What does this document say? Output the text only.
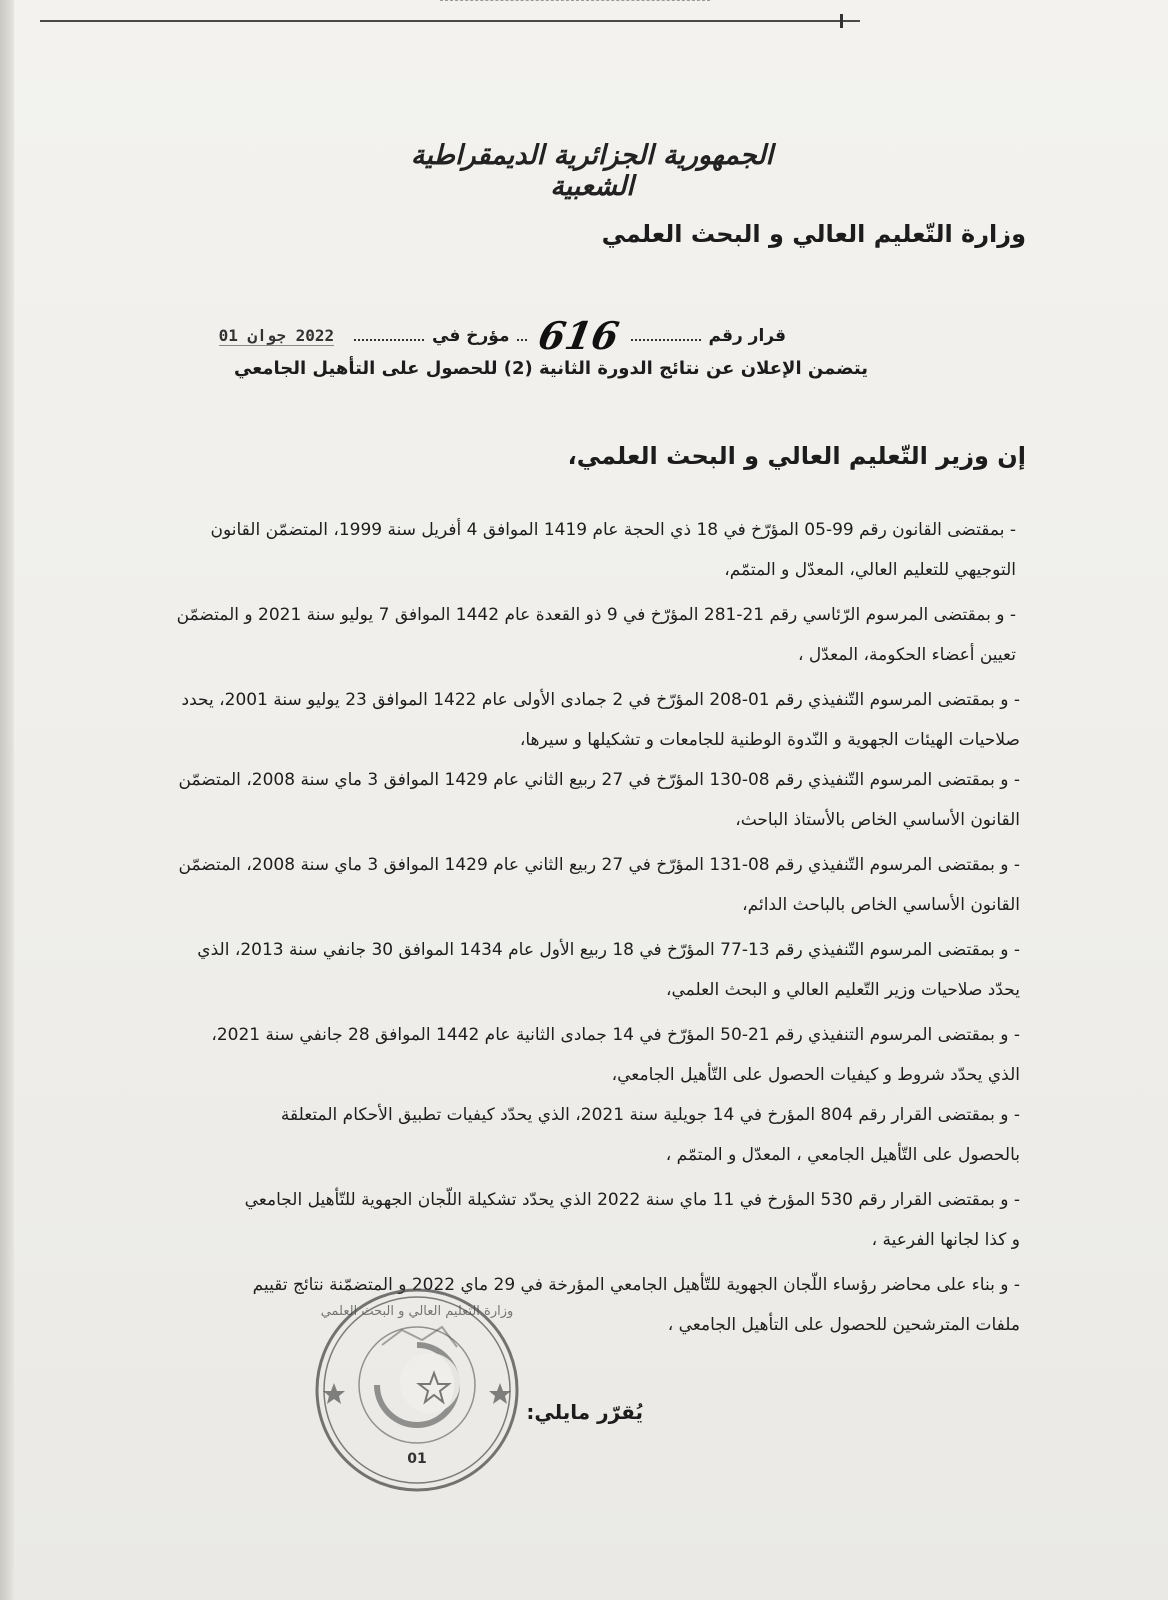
الجمهورية الجزائرية الديمقراطية الشعبية
وزارة التّعليم العالي و البحث العلمي
قرار رقم  616  مؤرخ في  2022 جوان 01
يتضمن الإعلان عن نتائج الدورة الثانية (2) للحصول على التأهيل الجامعي
إن وزير التّعليم العالي و البحث العلمي،
- بمقتضى القانون رقم 99-05 المؤرّخ في 18 ذي الحجة عام 1419 الموافق 4 أفريل سنة 1999، المتضمّن القانون
التوجيهي للتعليم العالي، المعدّل و المتمّم،
- و بمقتضى المرسوم الرّئاسي رقم 21-281 المؤرّخ في 9 ذو القعدة عام 1442 الموافق 7 يوليو سنة 2021 و المتضمّن
تعيين أعضاء الحكومة، المعدّل ،
- و بمقتضى المرسوم التّنفيذي رقم 01-208 المؤرّخ في 2 جمادى الأولى عام 1422 الموافق 23 يوليو سنة 2001، يحدد
صلاحيات الهيئات الجهوية و النّدوة الوطنية للجامعات و تشكيلها و سيرها،
- و بمقتضى المرسوم التّنفيذي رقم 08-130 المؤرّخ في 27 ربيع الثاني عام 1429 الموافق 3 ماي سنة 2008، المتضمّن
القانون الأساسي الخاص بالأستاذ الباحث،
- و بمقتضى المرسوم التّنفيذي رقم 08-131 المؤرّخ في 27 ربيع الثاني عام 1429 الموافق 3 ماي سنة 2008، المتضمّن
القانون الأساسي الخاص بالباحث الدائم،
- و بمقتضى المرسوم التّنفيذي رقم 13-77 المؤرّخ في 18 ربيع الأول عام 1434 الموافق 30 جانفي سنة 2013، الذي
يحدّد صلاحيات وزير التّعليم العالي و البحث العلمي،
- و بمقتضى المرسوم التنفيذي رقم 21-50 المؤرّخ في 14 جمادى الثانية عام 1442 الموافق 28 جانفي سنة 2021،
الذي يحدّد شروط و كيفيات الحصول على التّأهيل الجامعي،
- و بمقتضى القرار رقم 804 المؤرخ في 14 جويلية سنة 2021، الذي يحدّد كيفيات تطبيق الأحكام المتعلقة
بالحصول على التّأهيل الجامعي ، المعدّل و المتمّم ،
- و بمقتضى القرار رقم 530 المؤرخ في 11 ماي سنة 2022 الذي يحدّد تشكيلة اللّجان الجهوية للتّأهيل الجامعي
و كذا لجانها الفرعية ،
- و بناء على محاضر رؤساء اللّجان الجهوية للتّأهيل الجامعي المؤرخة في 29 ماي 2022 و المتضمّنة نتائج تقييم
ملفات المترشحين للحصول على التأهيل الجامعي ،
وزارة التعليم العالي و البحث العلمي
01
يُقرّر مايلي:
